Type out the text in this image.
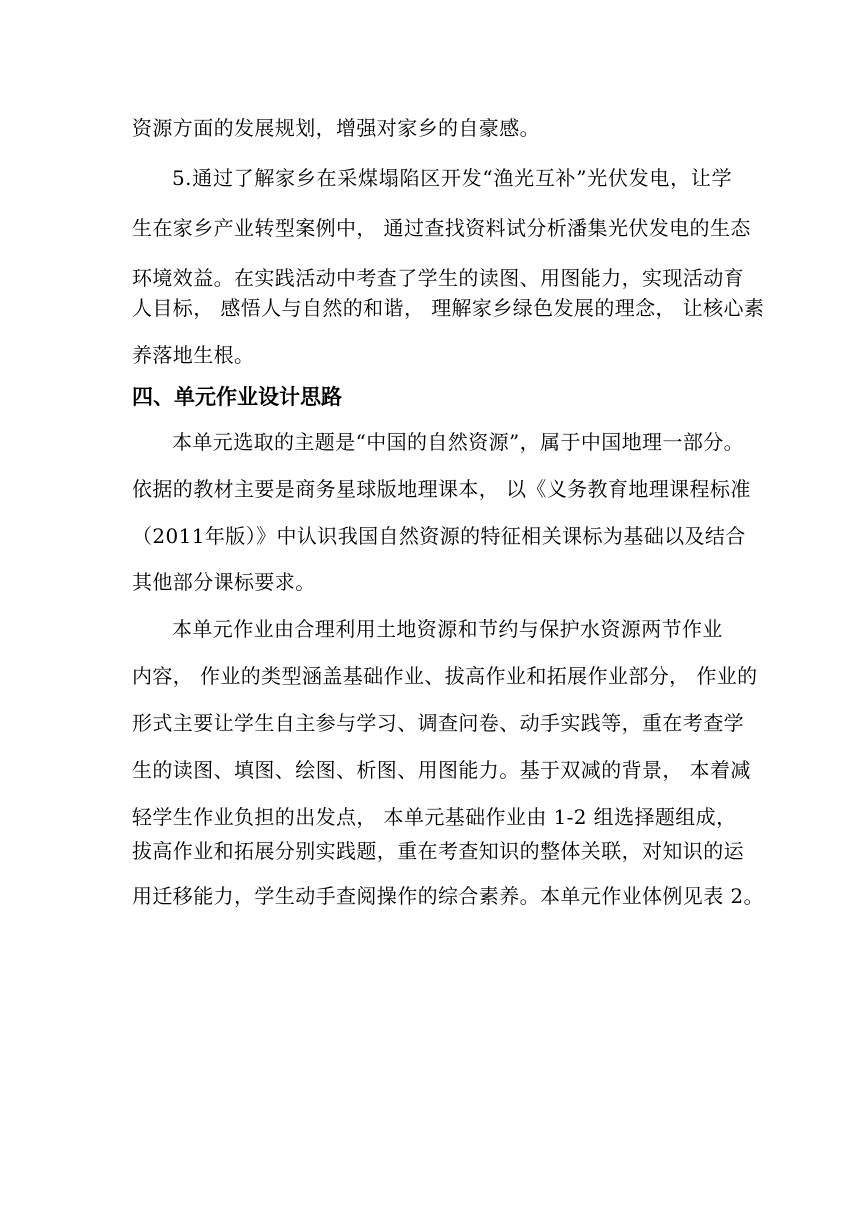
资源方面的发展规划，增强对家乡的自豪感。
5.通过了解家乡在采煤塌陷区开发“渔光互补”光伏发电，让学
生在家乡产业转型案例中， 通过查找资料试分析潘集光伏发电的生态
环境效益。在实践活动中考查了学生的读图、用图能力，实现活动育
人目标， 感悟人与自然的和谐， 理解家乡绿色发展的理念， 让核心素
养落地生根。
四、单元作业设计思路
本单元选取的主题是“中国的自然资源”，属于中国地理一部分。
依据的教材主要是商务星球版地理课本， 以《义务教育地理课程标准
（2011年版）》中认识我国自然资源的特征相关课标为基础以及结合
其他部分课标要求。
本单元作业由合理利用土地资源和节约与保护水资源两节作业
内容， 作业的类型涵盖基础作业、拔高作业和拓展作业部分， 作业的
形式主要让学生自主参与学习、调查问卷、动手实践等，重在考查学
生的读图、填图、绘图、析图、用图能力。基于双减的背景， 本着减
轻学生作业负担的出发点， 本单元基础作业由 1-2 组选择题组成，
拔高作业和拓展分别实践题，重在考查知识的整体关联，对知识的运
用迁移能力，学生动手查阅操作的综合素养。本单元作业体例见表 2。
